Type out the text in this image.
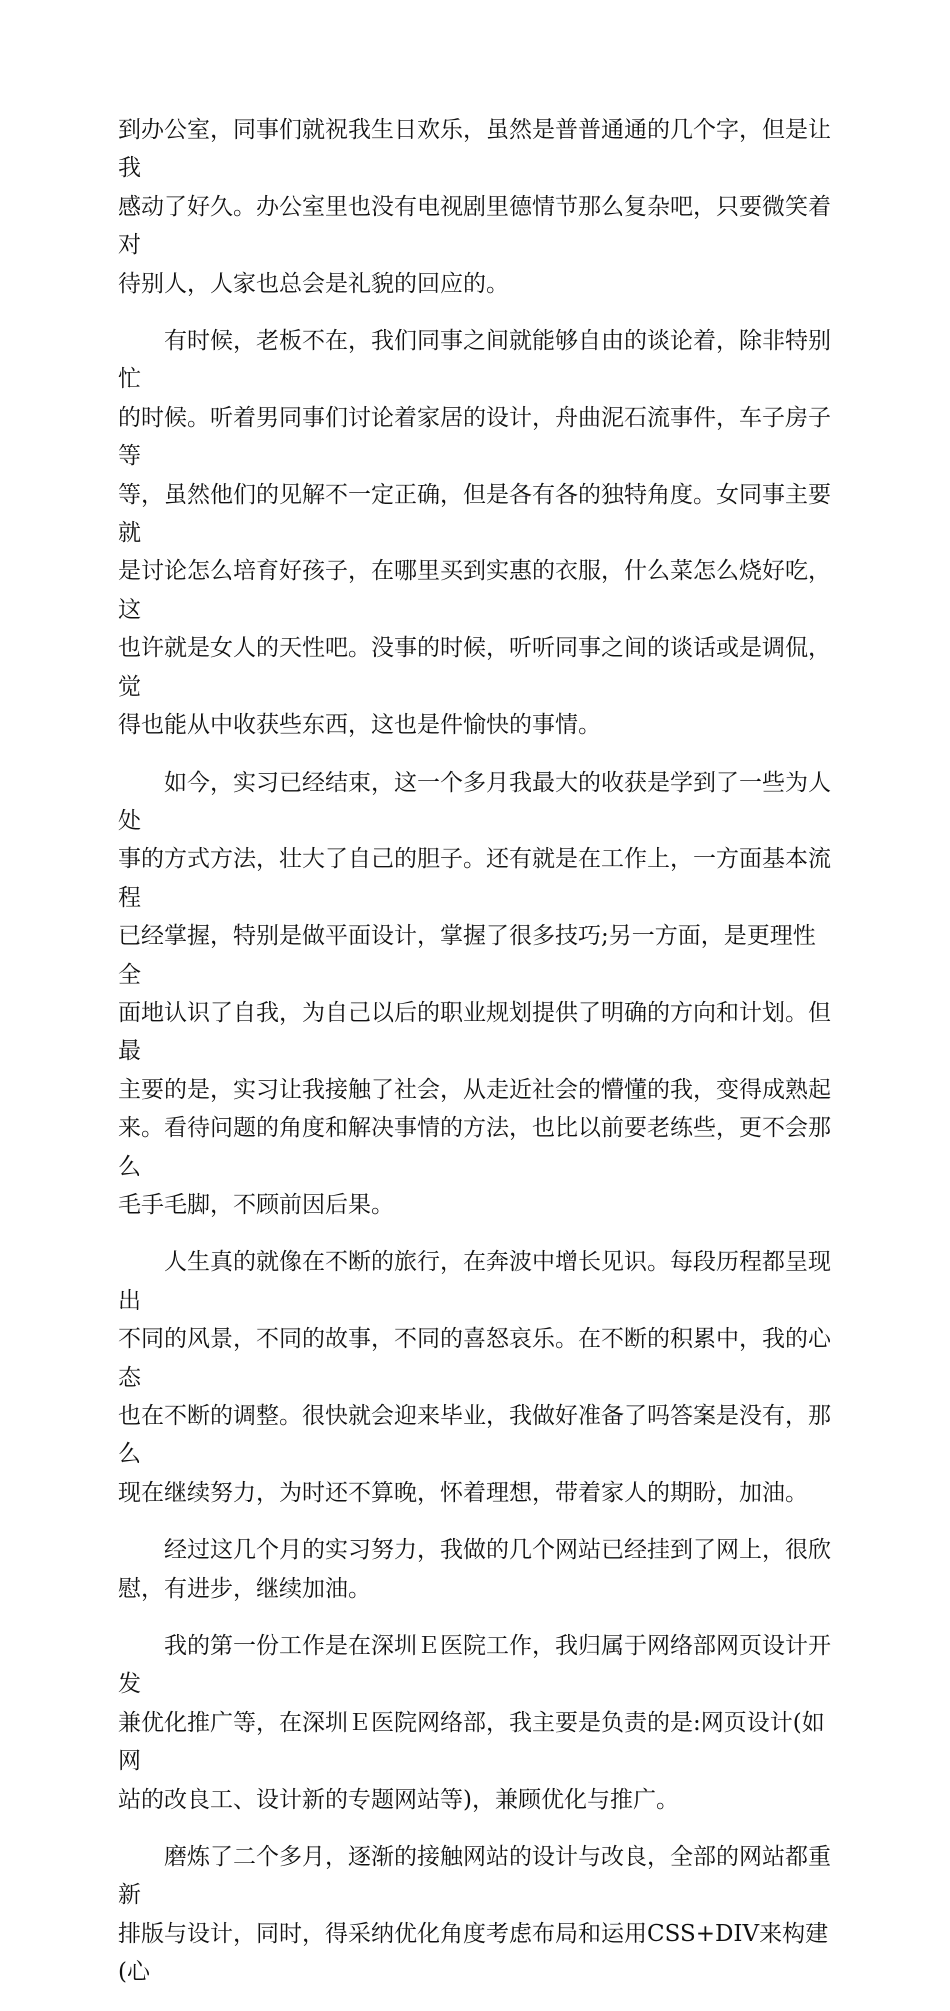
到办公室，同事们就祝我生日欢乐，虽然是普普通通的几个字，但是让我
感动了好久。办公室里也没有电视剧里德情节那么复杂吧，只要微笑着对
待别人，人家也总会是礼貌的回应的。

　　有时候，老板不在，我们同事之间就能够自由的谈论着，除非特别忙
的时候。听着男同事们讨论着家居的设计，舟曲泥石流事件，车子房子等
等，虽然他们的见解不一定正确，但是各有各的独特角度。女同事主要就
是讨论怎么培育好孩子，在哪里买到实惠的衣服，什么菜怎么烧好吃，这
也许就是女人的天性吧。没事的时候，听听同事之间的谈话或是调侃，觉
得也能从中收获些东西，这也是件愉快的事情。

　　如今，实习已经结束，这一个多月我最大的收获是学到了一些为人处
事的方式方法，壮大了自己的胆子。还有就是在工作上，一方面基本流程
已经掌握，特别是做平面设计，掌握了很多技巧;另一方面，是更理性全
面地认识了自我，为自己以后的职业规划提供了明确的方向和计划。但最
主要的是，实习让我接触了社会，从走近社会的懵懂的我，变得成熟起
来。看待问题的角度和解决事情的方法，也比以前要老练些，更不会那么
毛手毛脚，不顾前因后果。

　　人生真的就像在不断的旅行，在奔波中增长见识。每段历程都呈现出
不同的风景，不同的故事，不同的喜怒哀乐。在不断的积累中，我的心态
也在不断的调整。很快就会迎来毕业，我做好准备了吗答案是没有，那么
现在继续努力，为时还不算晚，怀着理想，带着家人的期盼，加油。

　　经过这几个月的实习努力，我做的几个网站已经挂到了网上，很欣
慰，有进步，继续加油。

　　我的第一份工作是在深圳Ｅ医院工作，我归属于网络部网页设计开发
兼优化推广等，在深圳Ｅ医院网络部，我主要是负责的是:网页设计(如网
站的改良工、设计新的专题网站等)，兼顾优化与推广。

　　磨炼了二个多月，逐渐的接触网站的设计与改良，全部的网站都重新
排版与设计，同时，得采纳优化角度考虑布局和运用CSS+DIV来构建(心
